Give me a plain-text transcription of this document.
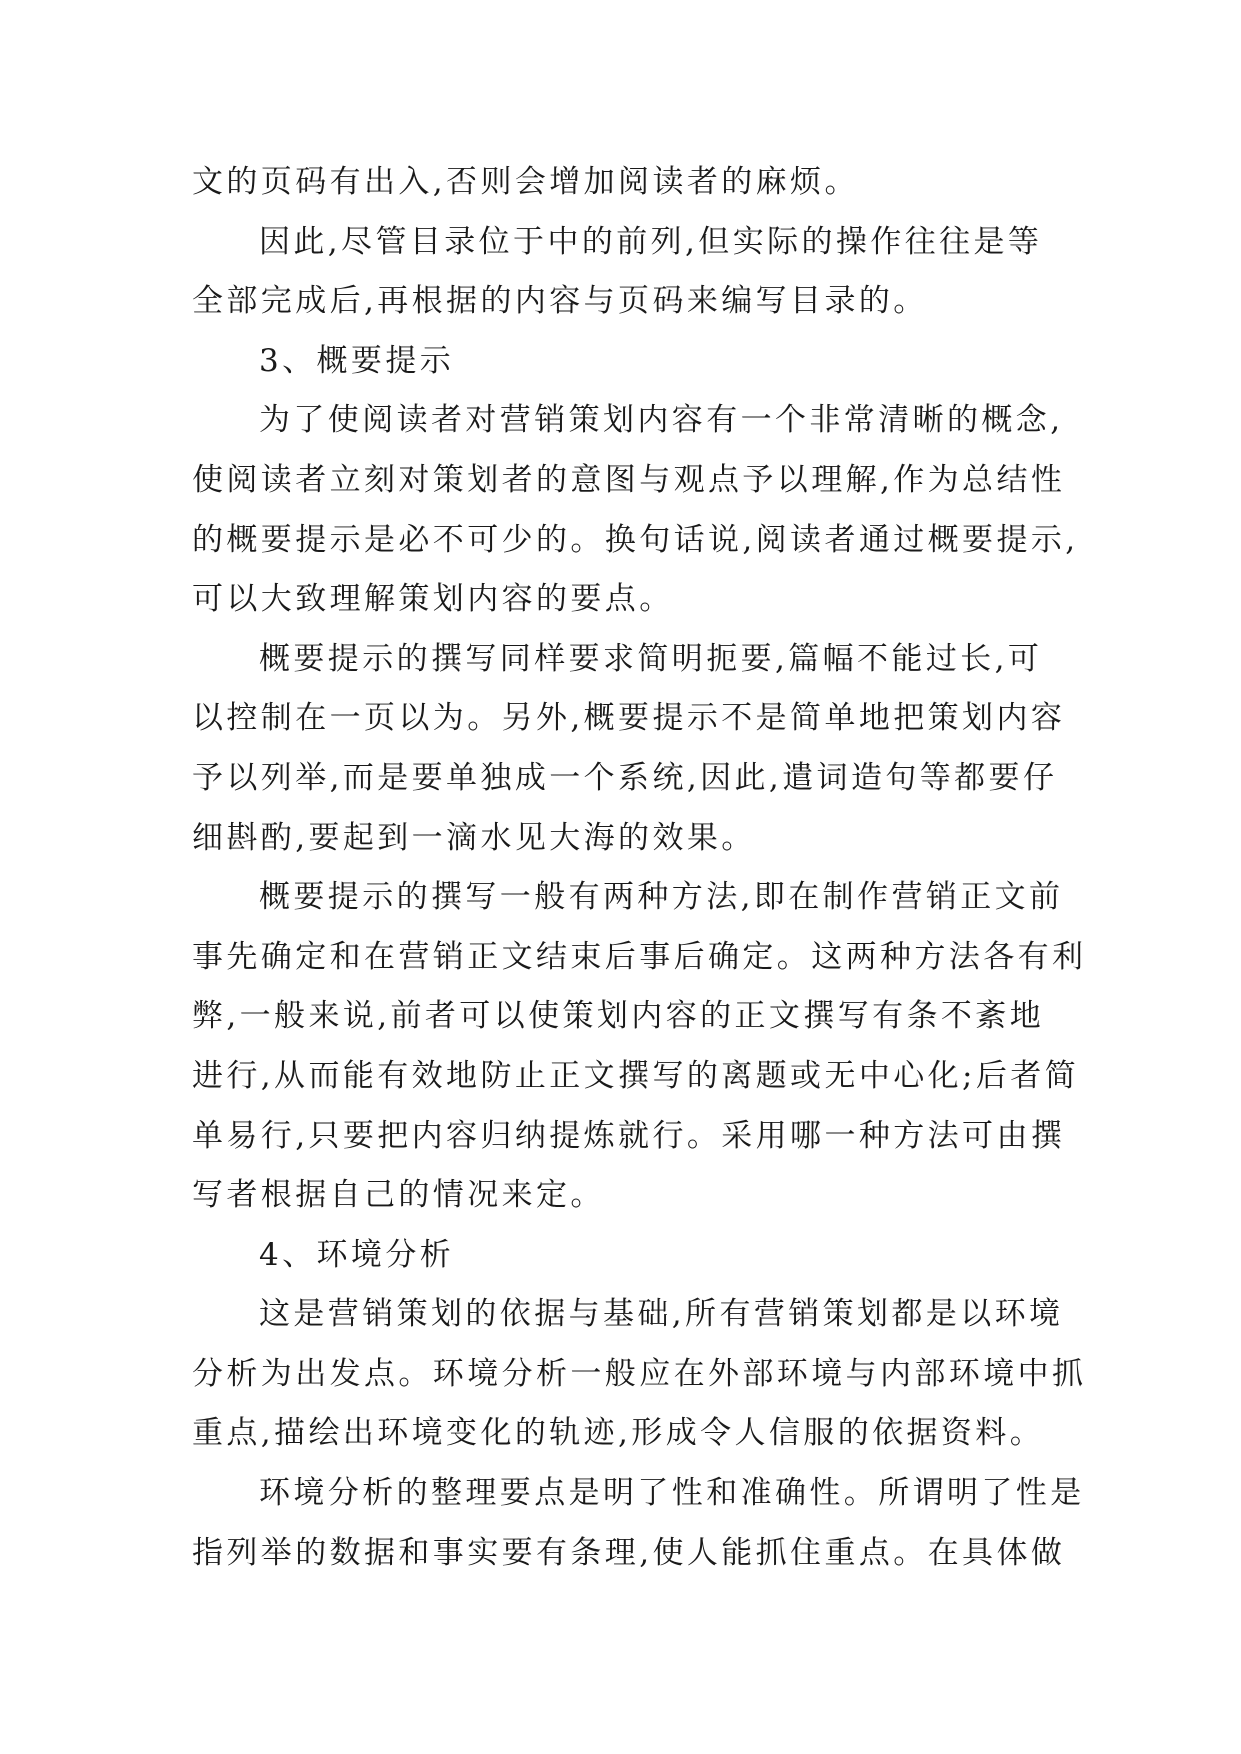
文的页码有出入,否则会增加阅读者的麻烦。

因此,尽管目录位于中的前列,但实际的操作往往是等

全部完成后,再根据的内容与页码来编写目录的。

3、概要提示

为了使阅读者对营销策划内容有一个非常清晰的概念,

使阅读者立刻对策划者的意图与观点予以理解,作为总结性

的概要提示是必不可少的。换句话说,阅读者通过概要提示,

可以大致理解策划内容的要点。

概要提示的撰写同样要求简明扼要,篇幅不能过长,可

以控制在一页以为。另外,概要提示不是简单地把策划内容

予以列举,而是要单独成一个系统,因此,遣词造句等都要仔

细斟酌,要起到一滴水见大海的效果。

概要提示的撰写一般有两种方法,即在制作营销正文前

事先确定和在营销正文结束后事后确定。这两种方法各有利

弊,一般来说,前者可以使策划内容的正文撰写有条不紊地

进行,从而能有效地防止正文撰写的离题或无中心化;后者简

单易行,只要把内容归纳提炼就行。采用哪一种方法可由撰

写者根据自己的情况来定。

4、环境分析

这是营销策划的依据与基础,所有营销策划都是以环境

分析为出发点。环境分析一般应在外部环境与内部环境中抓

重点,描绘出环境变化的轨迹,形成令人信服的依据资料。

环境分析的整理要点是明了性和准确性。所谓明了性是

指列举的数据和事实要有条理,使人能抓住重点。在具体做
